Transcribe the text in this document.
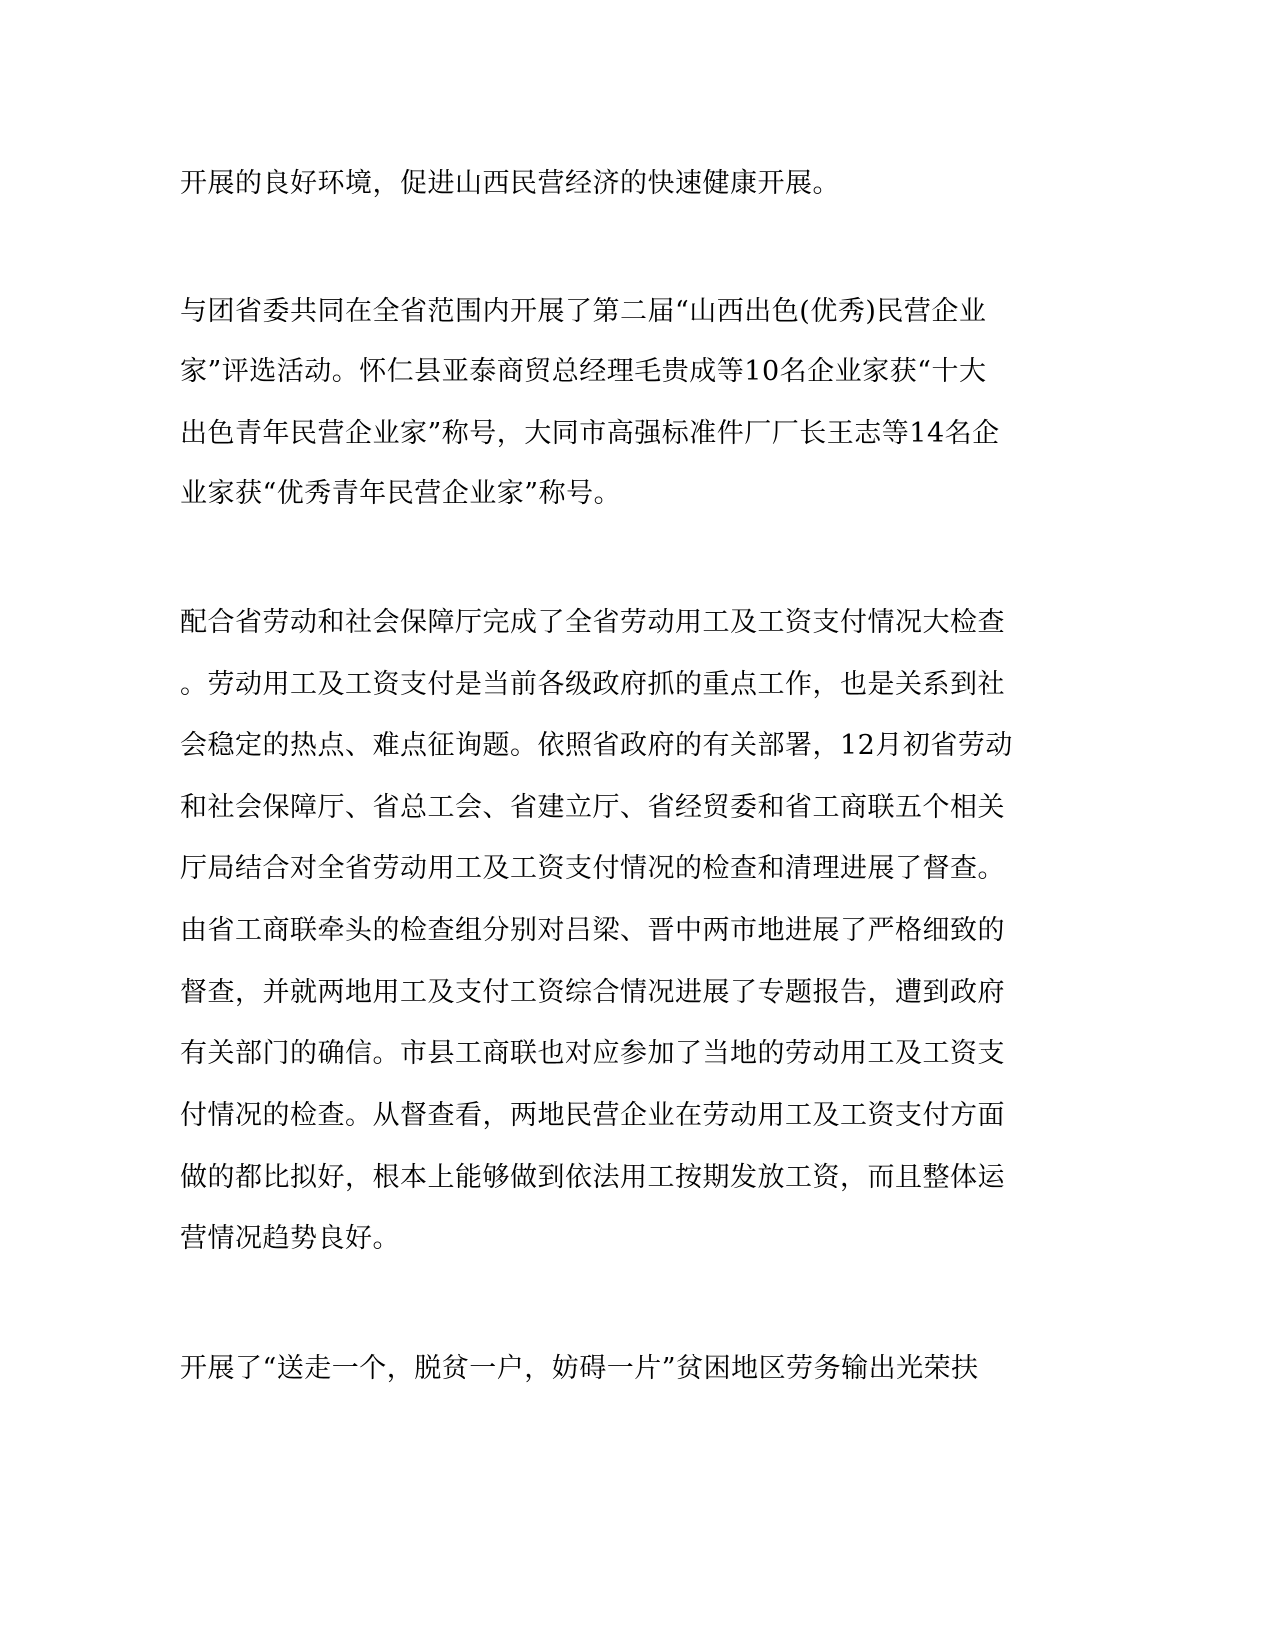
开展的良好环境，促进山西民营经济的快速健康开展。
与团省委共同在全省范围内开展了第二届“山西出色(优秀)民营企业
家”评选活动。怀仁县亚泰商贸总经理毛贵成等10名企业家获“十大
出色青年民营企业家”称号，大同市高强标准件厂厂长王志等14名企
业家获“优秀青年民营企业家”称号。
配合省劳动和社会保障厅完成了全省劳动用工及工资支付情况大检查
。劳动用工及工资支付是当前各级政府抓的重点工作，也是关系到社
会稳定的热点、难点征询题。依照省政府的有关部署，12月初省劳动
和社会保障厅、省总工会、省建立厅、省经贸委和省工商联五个相关
厅局结合对全省劳动用工及工资支付情况的检查和清理进展了督查。
由省工商联牵头的检查组分别对吕梁、晋中两市地进展了严格细致的
督查，并就两地用工及支付工资综合情况进展了专题报告，遭到政府
有关部门的确信。市县工商联也对应参加了当地的劳动用工及工资支
付情况的检查。从督查看，两地民营企业在劳动用工及工资支付方面
做的都比拟好，根本上能够做到依法用工按期发放工资，而且整体运
营情况趋势良好。
开展了“送走一个，脱贫一户，妨碍一片”贫困地区劳务输出光荣扶
